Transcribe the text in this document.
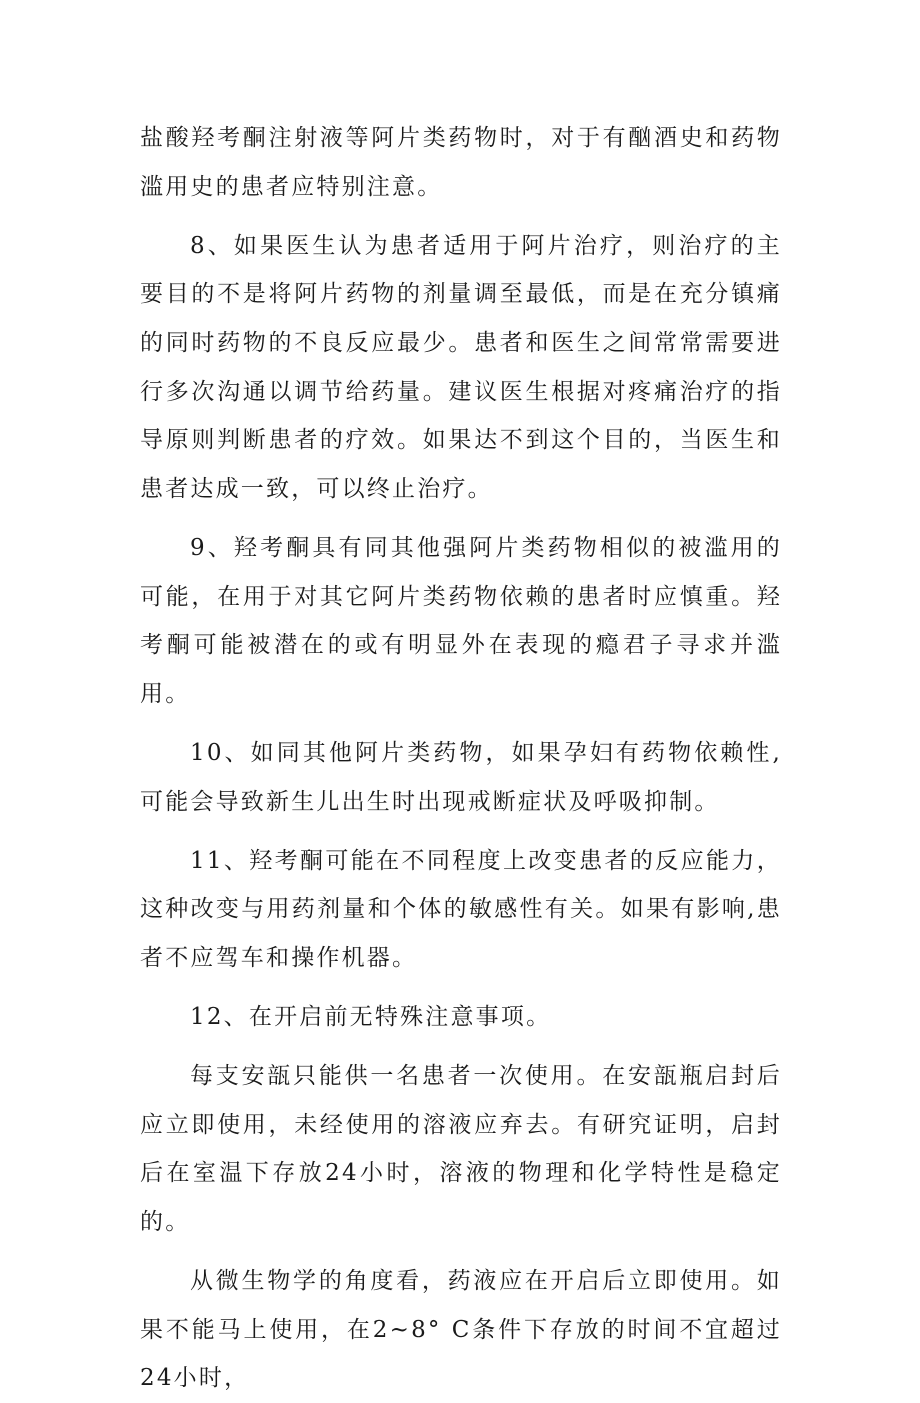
盐酸羟考酮注射液等阿片类药物时，对于有酗酒史和药物滥用史的患者应特别注意。

8、如果医生认为患者适用于阿片治疗，则治疗的主要目的不是将阿片药物的剂量调至最低，而是在充分镇痛的同时药物的不良反应最少。患者和医生之间常常需要进行多次沟通以调节给药量。建议医生根据对疼痛治疗的指导原则判断患者的疗效。如果达不到这个目的，当医生和患者达成一致，可以终止治疗。

9、羟考酮具有同其他强阿片类药物相似的被滥用的可能，在用于对其它阿片类药物依赖的患者时应慎重。羟考酮可能被潜在的或有明显外在表现的瘾君子寻求并滥用。

10、如同其他阿片类药物，如果孕妇有药物依赖性,可能会导致新生儿出生时出现戒断症状及呼吸抑制。

11、羟考酮可能在不同程度上改变患者的反应能力，这种改变与用药剂量和个体的敏感性有关。如果有影响,患者不应驾车和操作机器。

12、在开启前无特殊注意事项。

每支安瓿只能供一名患者一次使用。在安瓿瓶启封后应立即使用，未经使用的溶液应弃去。有研究证明，启封后在室温下存放24小时，溶液的物理和化学特性是稳定的。

从微生物学的角度看，药液应在开启后立即使用。如果不能马上使用，在2~8° C条件下存放的时间不宜超过24小时，
